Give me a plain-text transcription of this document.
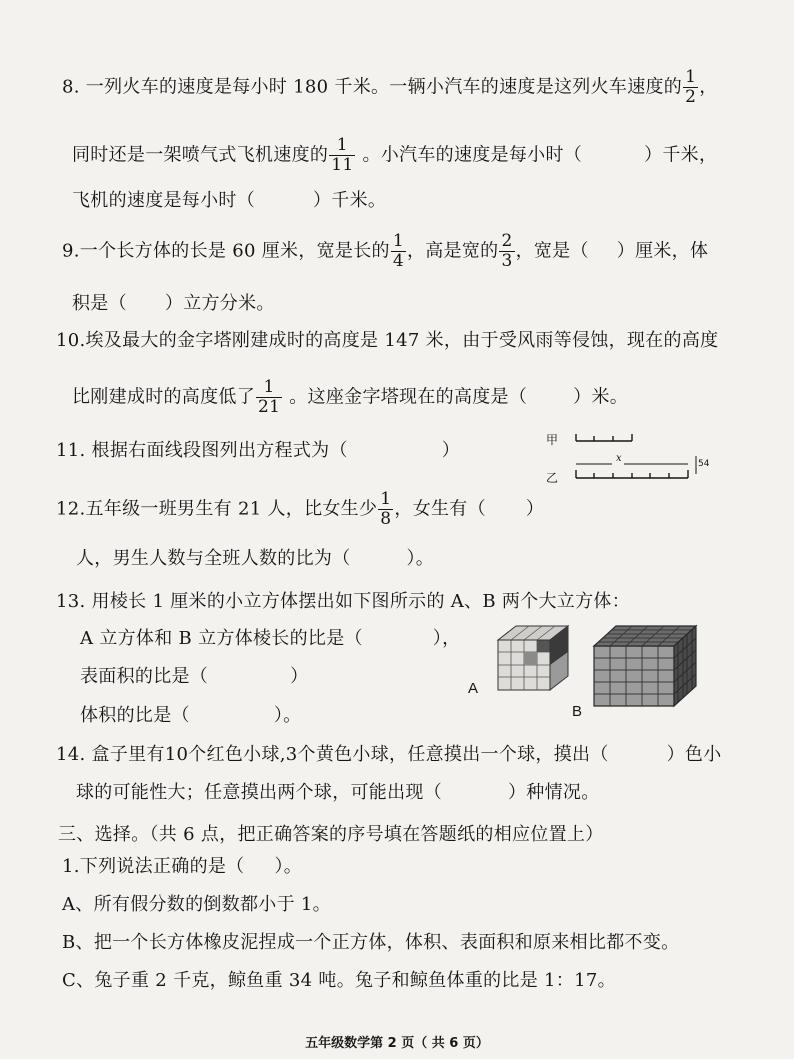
8. 一列火车的速度是每小时 180 千米。一辆小汽车的速度是这列火车速度的 $\frac{1}{2}$ ，
同时还是一架喷气式飞机速度的 $\frac{1}{11}$ 。小汽车的速度是每小时（	）千米，
飞机的速度是每小时（	）千米。
9.一个长方体的长是 60 厘米，宽是长的 $\frac{1}{4}$ ，高是宽的 $\frac{2}{3}$ ，宽是（ ）厘米，体
积是（ ）立方分米。
10.埃及最大的金字塔刚建成时的高度是 147 米，由于受风雨等侵蚀，现在的高度
比刚建成时的高度低了 $\frac{1}{21}$ 。这座金字塔现在的高度是（	）米。
11. 根据右面线段图列出方程式为（	）	甲
x
乙
54
12.五年级一班男生有 21 人，比女生少 $\frac{1}{8}$ ，女生有（ ）
人，男生人数与全班人数的比为（	）。
13. 用棱长 1 厘米的小立方体摆出如下图所示的 A、B 两个大立方体：
A 立方体和 B 立方体棱长的比是（	），
表面积的比是（	）
体积的比是（	）。
A
B
14. 盒子里有10个红色小球,3个黄色小球，任意摸出一个球，摸出（	）色小
球的可能性大；任意摸出两个球，可能出现（	）种情况。
三、选择。（共 6 点，把正确答案的序号填在答题纸的相应位置上）
1.下列说法正确的是（ ）。
A、所有假分数的倒数都小于 1。
B、把一个长方体橡皮泥捏成一个正方体，体积、表面积和原来相比都不变。
C、兔子重 2 千克，鲸鱼重 34 吨。兔子和鲸鱼体重的比是 1：17。
五年级数学第 2 页（ 共 6 页）
